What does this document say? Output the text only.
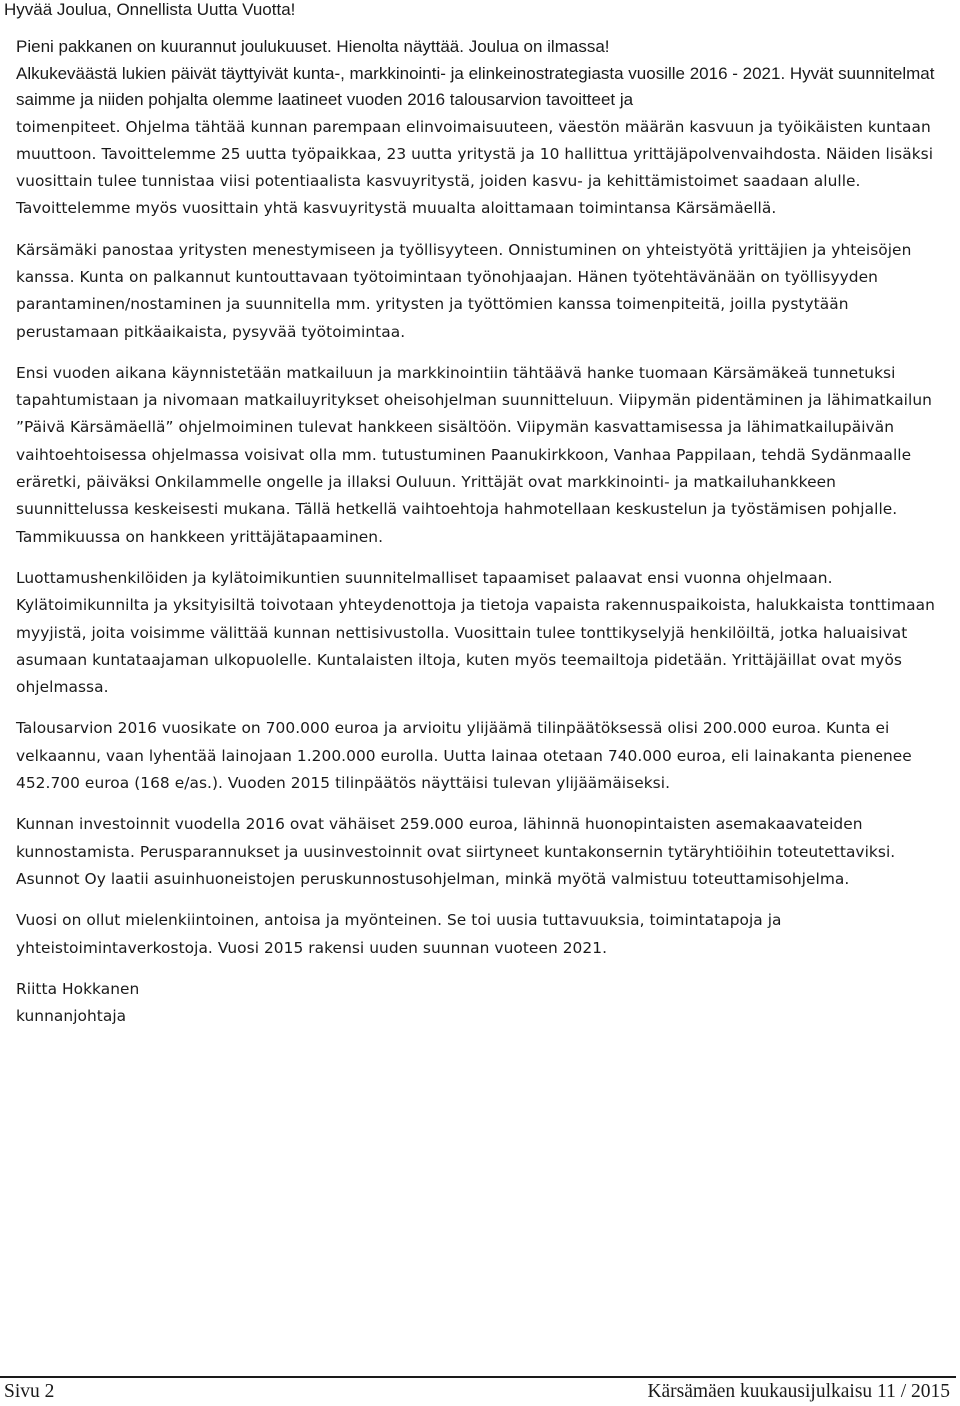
Hyvää Joulua, Onnellista Uutta Vuotta!

Pieni pakkanen on kuurannut joulukuuset. Hienolta näyttää. Joulua on ilmassa!

Alkukeväästä lukien päivät täyttyivät kunta-, markkinointi- ja elinkeinostrategiasta vuosille 2016 - 2021. Hyvät suunnitelmat saimme ja niiden pohjalta olemme laatineet vuoden 2016 talousarvion tavoitteet ja

toimenpiteet. Ohjelma tähtää kunnan parempaan elinvoimaisuuteen, väestön määrän kasvuun ja työikäisten kuntaan muuttoon. Tavoittelemme 25 uutta työpaikkaa, 23 uutta yritystä ja 10 hallittua yrittäjäpolvenvaihdosta. Näiden lisäksi vuosittain tulee tunnistaa viisi potentiaalista kasvuyritystä, joiden kasvu- ja kehittämistoimet saadaan alulle. Tavoittelemme myös vuosittain yhtä kasvuyritystä muualta aloittamaan toimintansa Kärsämäellä.

Kärsämäki panostaa yritysten menestymiseen ja työllisyyteen. Onnistuminen on yhteistyötä yrittäjien ja yhteisöjen kanssa. Kunta on palkannut kuntouttavaan työtoimintaan työnohjaajan. Hänen työtehtävänään on työllisyyden parantaminen/nostaminen ja suunnitella mm. yritysten ja työttömien kanssa toimenpiteitä, joilla pystytään perustamaan pitkäaikaista, pysyvää työtoimintaa.

Ensi vuoden aikana käynnistetään matkailuun ja markkinointiin tähtäävä hanke tuomaan Kärsämäkeä tunnetuksi tapahtumistaan ja nivomaan matkailuyritykset oheisohjelman suunnitteluun. Viipymän pidentäminen ja lähimatkailun ”Päivä Kärsämäellä” ohjelmoiminen tulevat hankkeen sisältöön. Viipymän kasvattamisessa ja lähimatkailupäivän vaihtoehtoisessa ohjelmassa voisivat olla mm. tutustuminen Paanukirkkoon, Vanhaa Pappilaan, tehdä Sydänmaalle eräretki, päiväksi Onkilammelle ongelle ja illaksi Ouluun. Yrittäjät ovat markkinointi- ja matkailuhankkeen suunnittelussa keskeisesti mukana. Tällä hetkellä vaihtoehtoja hahmotellaan keskustelun ja työstämisen pohjalle. Tammikuussa on hankkeen yrittäjätapaaminen.

Luottamushenkilöiden ja kylätoimikuntien suunnitelmalliset tapaamiset palaavat ensi vuonna ohjelmaan. Kylätoimikunnilta ja yksityisiltä toivotaan yhteydenottoja ja tietoja vapaista rakennuspaikoista, halukkaista tonttimaan myyjistä, joita voisimme välittää kunnan nettisivustolla. Vuosittain tulee tonttikyselyjä henkilöiltä, jotka haluaisivat asumaan kuntataajaman ulkopuolelle. Kuntalaisten iltoja, kuten myös teemailtoja pidetään. Yrittäjäillat ovat myös ohjelmassa.

Talousarvion 2016 vuosikate on 700.000 euroa ja arvioitu ylijäämä tilinpäätöksessä olisi 200.000 euroa. Kunta ei velkaannu, vaan lyhentää lainojaan 1.200.000 eurolla. Uutta lainaa otetaan 740.000 euroa, eli lainakanta pienenee 452.700 euroa (168 e/as.). Vuoden 2015 tilinpäätös näyttäisi tulevan ylijäämäiseksi.

Kunnan investoinnit vuodella 2016 ovat vähäiset 259.000 euroa, lähinnä huonopintaisten asemakaavateiden kunnostamista. Perusparannukset ja uusinvestoinnit ovat siirtyneet kuntakonsernin tytäryhtiöihin toteutettaviksi. Asunnot Oy laatii asuinhuoneistojen peruskunnostusohjelman, minkä myötä valmistuu toteuttamisohjelma.

Vuosi on ollut mielenkiintoinen, antoisa ja myönteinen. Se toi uusia tuttavuuksia, toimintatapoja ja yhteistoimintaverkostoja. Vuosi 2015 rakensi uuden suunnan vuoteen 2021.

Riitta Hokkanen
kunnanjohtaja
Sivu 2	Kärsämäen kuukausijulkaisu 11 / 2015
